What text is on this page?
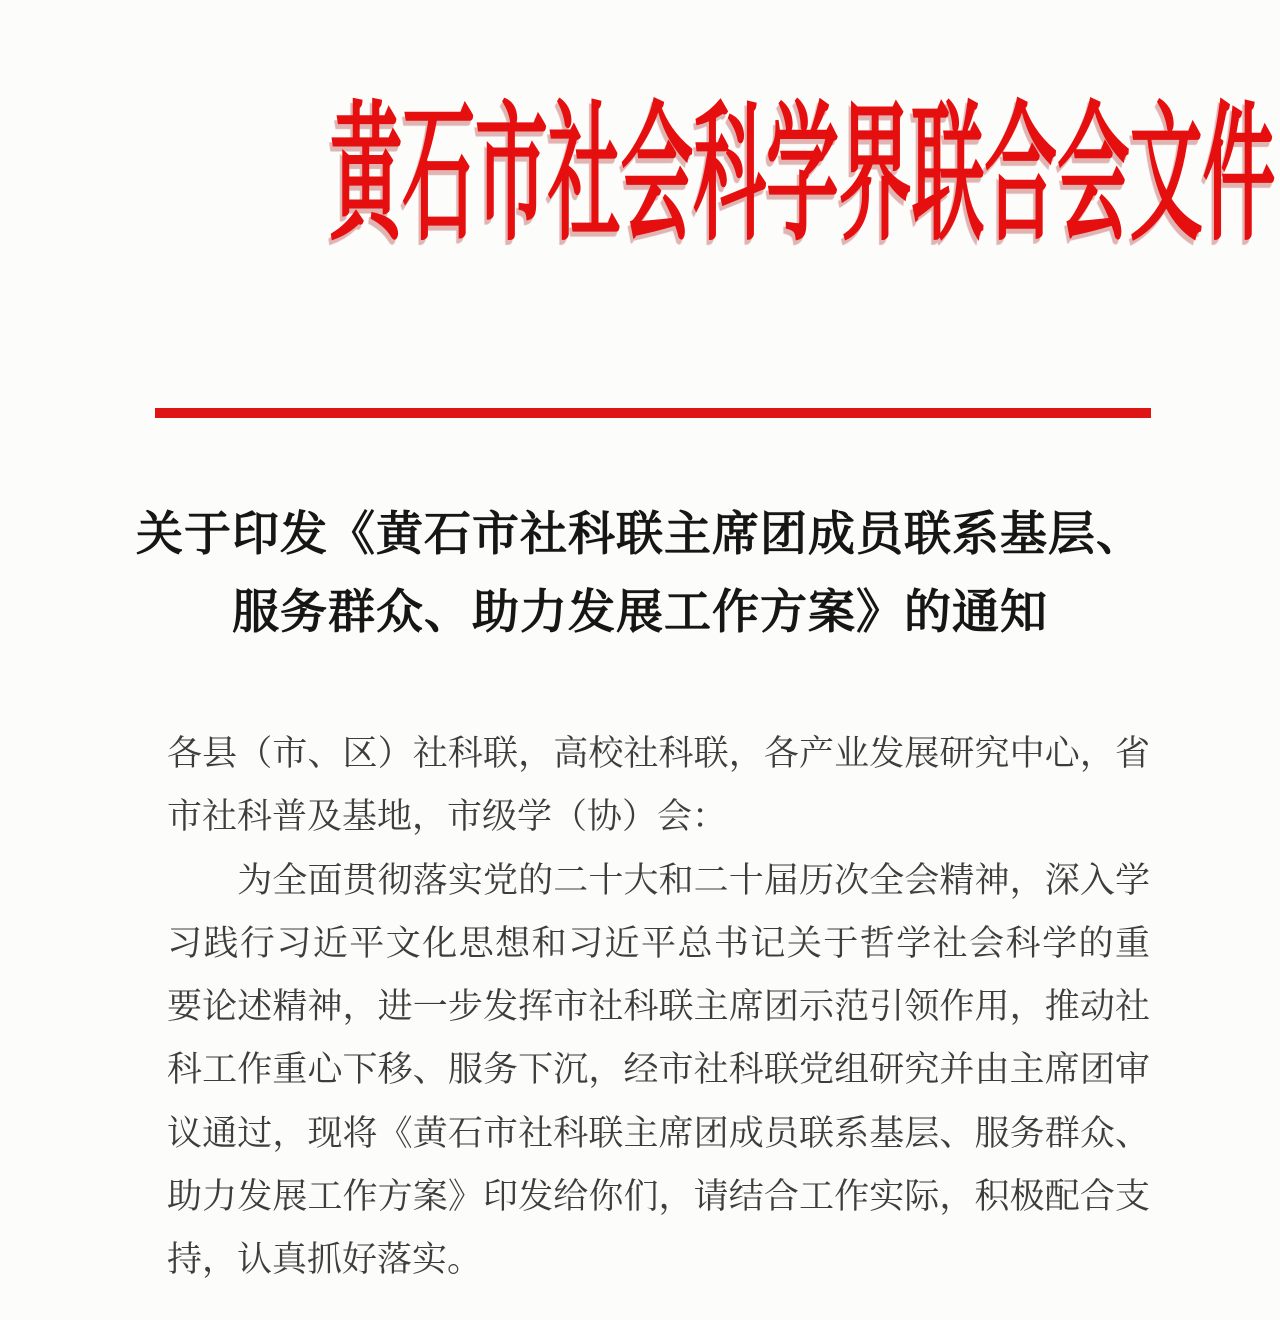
黄石市社会科学界联合会文件
关于印发《黄石市社科联主席团成员联系基层、
服务群众、助力发展工作方案》的通知
各县（市、区）社科联，高校社科联，各产业发展研究中心，省
市社科普及基地，市级学（协）会：
　　为全面贯彻落实党的二十大和二十届历次全会精神，深入学
习践行习近平文化思想和习近平总书记关于哲学社会科学的重
要论述精神，进一步发挥市社科联主席团示范引领作用，推动社
科工作重心下移、服务下沉，经市社科联党组研究并由主席团审
议通过，现将《黄石市社科联主席团成员联系基层、服务群众、
助力发展工作方案》印发给你们，请结合工作实际，积极配合支
持，认真抓好落实。
